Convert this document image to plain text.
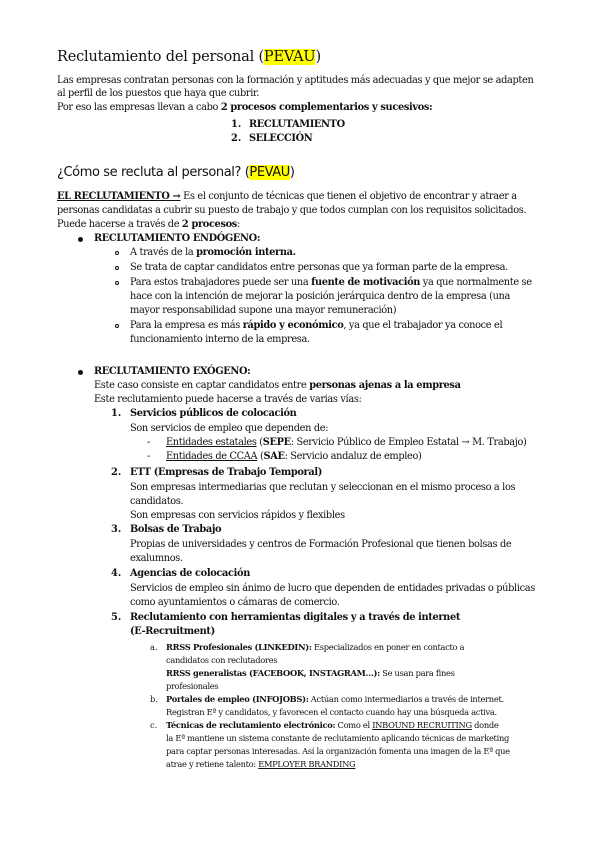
Reclutamiento del personal (PEVAU)
Las empresas contratan personas con la formación y aptitudes más adecuadas y que mejor se adapten
al perfil de los puestos que haya que cubrir.
Por eso las empresas llevan a cabo 2 procesos complementarios y sucesivos:
1. RECLUTAMIENTO
2. SELECCIÓN
¿Cómo se recluta al personal? (PEVAU)
EL RECLUTAMIENTO → Es el conjunto de técnicas que tienen el objetivo de encontrar y atraer a
personas candidatas a cubrir su puesto de trabajo y que todos cumplan con los requisitos solicitados.
Puede hacerse a través de 2 procesos:
RECLUTAMIENTO ENDÓGENO:
A través de la promoción interna.
Se trata de captar candidatos entre personas que ya forman parte de la empresa.
Para estos trabajadores puede ser una fuente de motivación ya que normalmente se
hace con la intención de mejorar la posición jerárquica dentro de la empresa (una
mayor responsabilidad supone una mayor remuneración)
Para la empresa es más rápido y económico, ya que el trabajador ya conoce el
funcionamiento interno de la empresa.
RECLUTAMIENTO EXÓGENO:
Este caso consiste en captar candidatos entre personas ajenas a la empresa
Este reclutamiento puede hacerse a través de varias vías:
1. Servicios públicos de colocación
Son servicios de empleo que dependen de:
- Entidades estatales (SEPE: Servicio Público de Empleo Estatal → M. Trabajo)
- Entidades de CCAA (SAE: Servicio andaluz de empleo)
2. ETT (Empresas de Trabajo Temporal)
Son empresas intermediarias que reclutan y seleccionan en el mismo proceso a los
candidatos.
Son empresas con servicios rápidos y flexibles
3. Bolsas de Trabajo
Propias de universidades y centros de Formación Profesional que tienen bolsas de
exalumnos.
4. Agencias de colocación
Servicios de empleo sin ánimo de lucro que dependen de entidades privadas o públicas
como ayuntamientos o cámaras de comercio.
5. Reclutamiento con herramientas digitales y a través de internet
(E-Recruitment)
a. RRSS Profesionales (LINKEDIN): Especializados en poner en contacto a
candidatos con reclutadores
RRSS generalistas (FACEBOOK, INSTAGRAM…): Se usan para fines
profesionales
b. Portales de empleo (INFOJOBS): Actúan como intermediarios a través de internet.
Registran Eª y candidatos, y favorecen el contacto cuando hay una búsqueda activa.
c. Técnicas de reclutamiento electrónico: Como el INBOUND RECRUITING donde
la Eª mantiene un sistema constante de reclutamiento aplicando técnicas de marketing
para captar personas interesadas. Así la organización fomenta una imagen de la Eª que
atrae y retiene talento: EMPLOYER BRANDING
